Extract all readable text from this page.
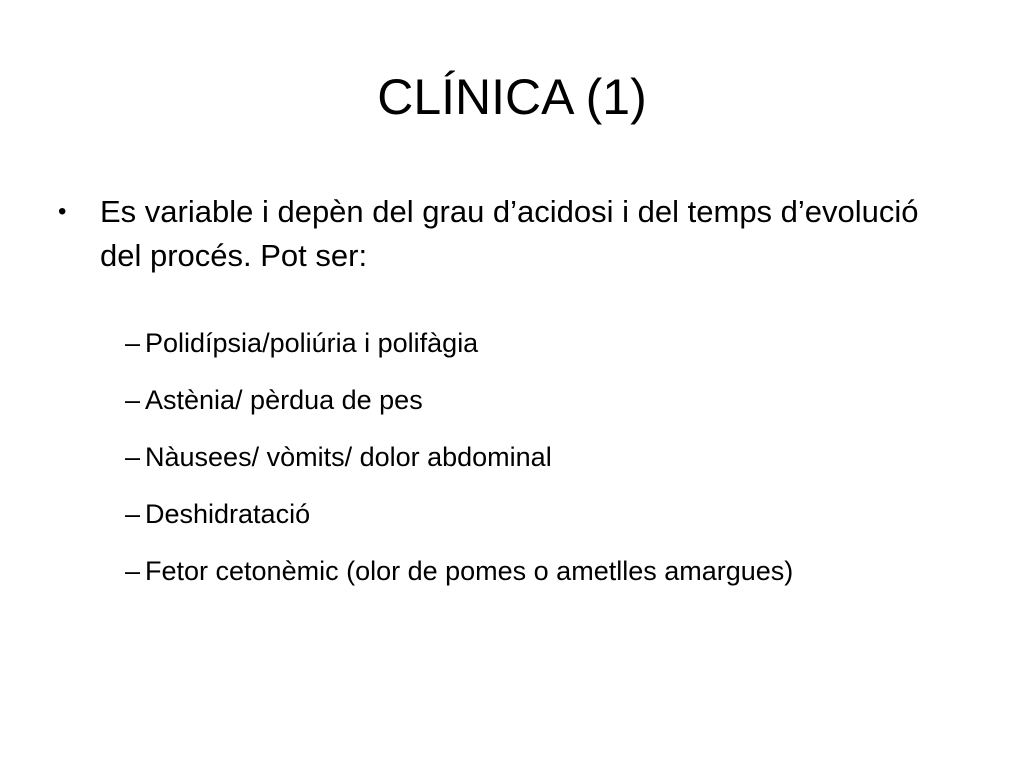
CLÍNICA (1)
• Es variable i depèn del grau d’acidosi i del temps d’evolució del procés. Pot ser:
– Polidípsia/poliúria i polifàgia
– Astènia/ pèrdua de pes
– Nàusees/ vòmits/ dolor abdominal
– Deshidratació
– Fetor cetonèmic (olor de pomes o ametlles amargues)
